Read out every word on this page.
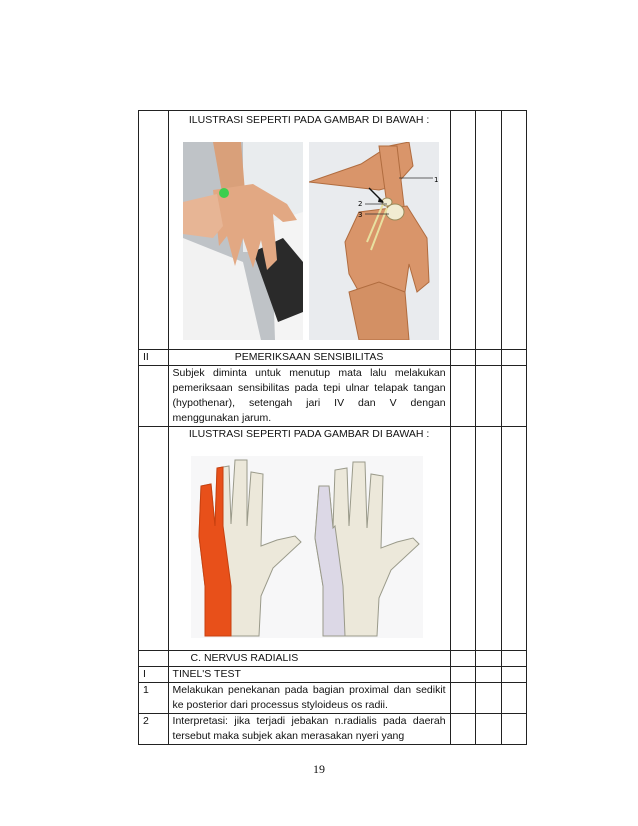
	ILUSTRASI SEPERTI PADA GAMBAR DI BAWAH :
1
2
3			

II	PEMERIKSAAN SENSIBILITAS			
	Subjek diminta untuk menutup mata lalu melakukan pemeriksaan sensibilitas pada tepi ulnar telapak tangan (hypothenar), setengah jari IV dan V dengan menggunakan jarum.			

	ILUSTRASI SEPERTI PADA GAMBAR DI BAWAH :			

	C. NERVUS RADIALIS			
I	TINEL'S TEST			
1	Melakukan penekanan pada bagian proximal dan sedikit ke posterior dari processus styloideus os radii.			
2	Interpretasi: jika terjadi jebakan n.radialis pada daerah tersebut maka subjek akan merasakan nyeri yang			
19
